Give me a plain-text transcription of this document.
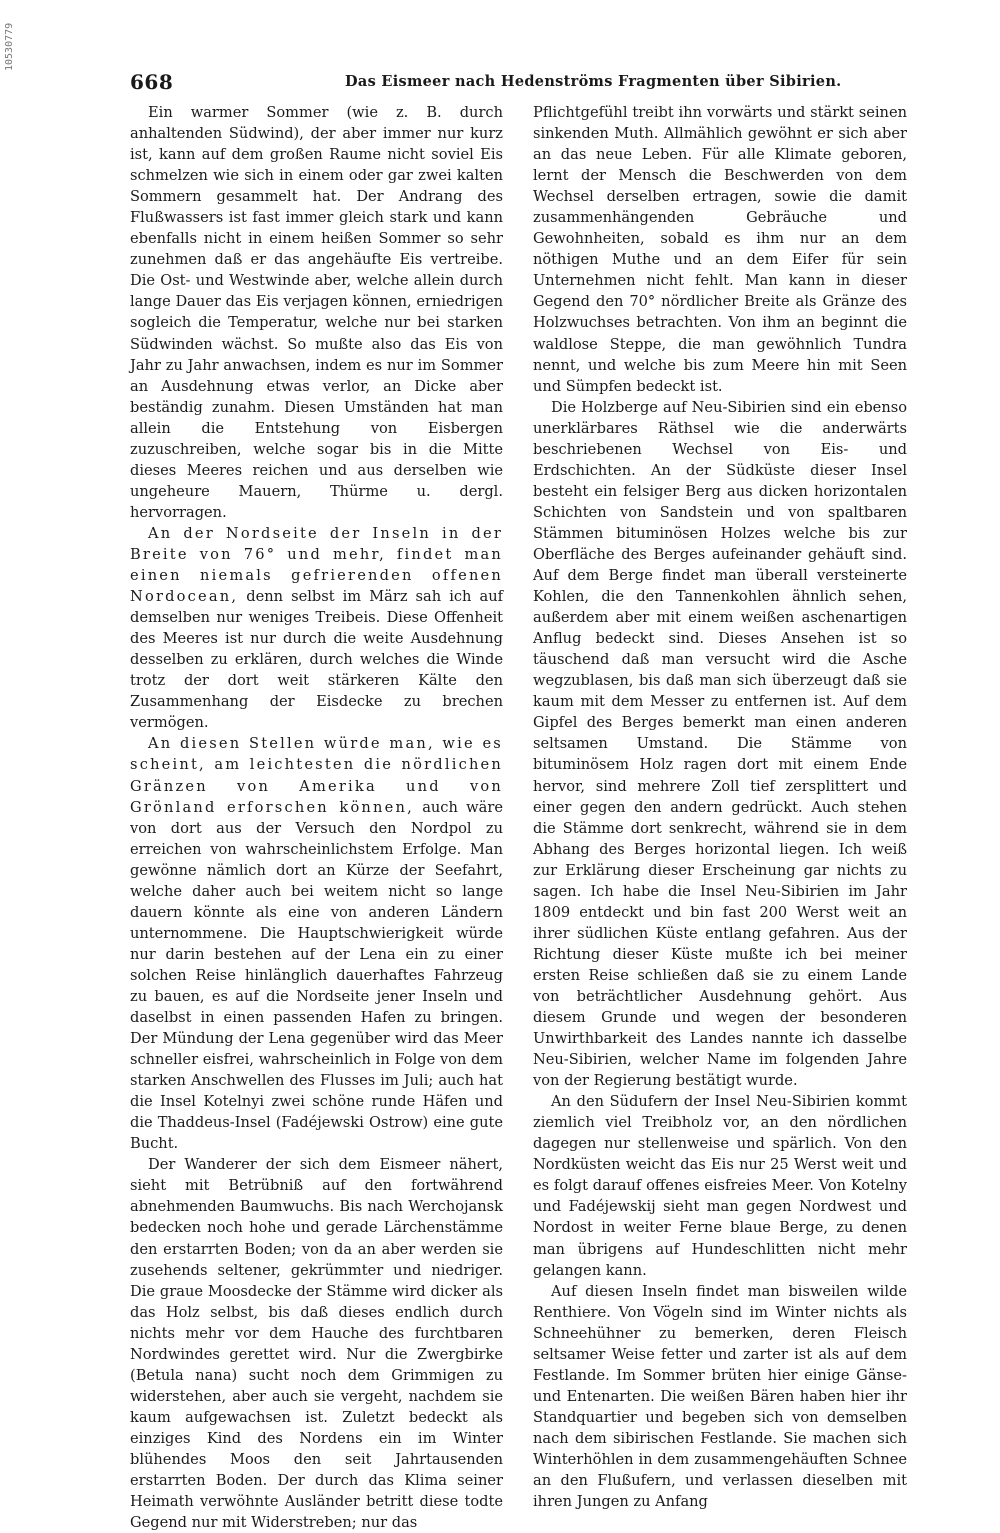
10530779
668	Das Eismeer nach Hedenströms Fragmenten über Sibirien.

Ein warmer Sommer (wie z. B. durch anhaltenden Südwind), der aber immer nur kurz ist, kann auf dem großen Raume nicht soviel Eis schmelzen wie sich in einem oder gar zwei kalten Sommern gesammelt hat. Der Andrang des Flußwassers ist fast immer gleich stark und kann ebenfalls nicht in einem heißen Sommer so sehr zunehmen daß er das angehäufte Eis vertreibe. Die Ost- und Westwinde aber, welche allein durch lange Dauer das Eis verjagen können, erniedrigen sogleich die Temperatur, welche nur bei starken Südwinden wächst. So mußte also das Eis von Jahr zu Jahr anwachsen, indem es nur im Sommer an Ausdehnung etwas verlor, an Dicke aber beständig zunahm. Diesen Umständen hat man allein die Entstehung von Eisbergen zuzuschreiben, welche sogar bis in die Mitte dieses Meeres reichen und aus derselben wie ungeheure Mauern, Thürme u. dergl. hervorragen.

An der Nordseite der Inseln in der Breite von 76° und mehr, findet man einen niemals gefrierenden offenen Nordocean, denn selbst im März sah ich auf demselben nur weniges Treibeis. Diese Offenheit des Meeres ist nur durch die weite Ausdehnung desselben zu erklären, durch welches die Winde trotz der dort weit stärkeren Kälte den Zusammenhang der Eisdecke zu brechen vermögen.

An diesen Stellen würde man, wie es scheint, am leichtesten die nördlichen Gränzen von Amerika und von Grönland erforschen können, auch wäre von dort aus der Versuch den Nordpol zu erreichen von wahrscheinlichstem Erfolge. Man gewönne nämlich dort an Kürze der Seefahrt, welche daher auch bei weitem nicht so lange dauern könnte als eine von anderen Ländern unternommene. Die Hauptschwierigkeit würde nur darin bestehen auf der Lena ein zu einer solchen Reise hinlänglich dauerhaftes Fahrzeug zu bauen, es auf die Nordseite jener Inseln und daselbst in einen passenden Hafen zu bringen. Der Mündung der Lena gegenüber wird das Meer schneller eisfrei, wahrscheinlich in Folge von dem starken Anschwellen des Flusses im Juli; auch hat die Insel Kotelnyi zwei schöne runde Häfen und die Thaddeus-Insel (Fadéjewski Ostrow) eine gute Bucht.

Der Wanderer der sich dem Eismeer nähert, sieht mit Betrübniß auf den fortwährend abnehmenden Baumwuchs. Bis nach Werchojansk bedecken noch hohe und gerade Lärchenstämme den erstarrten Boden; von da an aber werden sie zusehends seltener, gekrümmter und niedriger. Die graue Moosdecke der Stämme wird dicker als das Holz selbst, bis daß dieses endlich durch nichts mehr vor dem Hauche des furchtbaren Nordwindes gerettet wird. Nur die Zwergbirke (Betula nana) sucht noch dem Grimmigen zu widerstehen, aber auch sie vergeht, nachdem sie kaum aufgewachsen ist. Zuletzt bedeckt als einziges Kind des Nordens ein im Winter blühendes Moos den seit Jahrtausenden erstarrten Boden. Der durch das Klima seiner Heimath verwöhnte Ausländer betritt diese todte Gegend nur mit Widerstreben; nur das

Pflichtgefühl treibt ihn vorwärts und stärkt seinen sinkenden Muth. Allmählich gewöhnt er sich aber an das neue Leben. Für alle Klimate geboren, lernt der Mensch die Beschwerden von dem Wechsel derselben ertragen, sowie die damit zusammenhängenden Gebräuche und Gewohnheiten, sobald es ihm nur an dem nöthigen Muthe und an dem Eifer für sein Unternehmen nicht fehlt. Man kann in dieser Gegend den 70° nördlicher Breite als Gränze des Holzwuchses betrachten. Von ihm an beginnt die waldlose Steppe, die man gewöhnlich Tundra nennt, und welche bis zum Meere hin mit Seen und Sümpfen bedeckt ist.

Die Holzberge auf Neu-Sibirien sind ein ebenso unerklärbares Räthsel wie die anderwärts beschriebenen Wechsel von Eis- und Erdschichten. An der Südküste dieser Insel besteht ein felsiger Berg aus dicken horizontalen Schichten von Sandstein und von spaltbaren Stämmen bituminösen Holzes welche bis zur Oberfläche des Berges aufeinander gehäuft sind. Auf dem Berge findet man überall versteinerte Kohlen, die den Tannenkohlen ähnlich sehen, außerdem aber mit einem weißen aschenartigen Anflug bedeckt sind. Dieses Ansehen ist so täuschend daß man versucht wird die Asche wegzublasen, bis daß man sich überzeugt daß sie kaum mit dem Messer zu entfernen ist. Auf dem Gipfel des Berges bemerkt man einen anderen seltsamen Umstand. Die Stämme von bituminösem Holz ragen dort mit einem Ende hervor, sind mehrere Zoll tief zersplittert und einer gegen den andern gedrückt. Auch stehen die Stämme dort senkrecht, während sie in dem Abhang des Berges horizontal liegen. Ich weiß zur Erklärung dieser Erscheinung gar nichts zu sagen. Ich habe die Insel Neu-Sibirien im Jahr 1809 entdeckt und bin fast 200 Werst weit an ihrer südlichen Küste entlang gefahren. Aus der Richtung dieser Küste mußte ich bei meiner ersten Reise schließen daß sie zu einem Lande von beträchtlicher Ausdehnung gehört. Aus diesem Grunde und wegen der besonderen Unwirthbarkeit des Landes nannte ich dasselbe Neu-Sibirien, welcher Name im folgenden Jahre von der Regierung bestätigt wurde.

An den Südufern der Insel Neu-Sibirien kommt ziemlich viel Treibholz vor, an den nördlichen dagegen nur stellenweise und spärlich. Von den Nordküsten weicht das Eis nur 25 Werst weit und es folgt darauf offenes eisfreies Meer. Von Kotelny und Fadéjewskij sieht man gegen Nordwest und Nordost in weiter Ferne blaue Berge, zu denen man übrigens auf Hundeschlitten nicht mehr gelangen kann.

Auf diesen Inseln findet man bisweilen wilde Renthiere. Von Vögeln sind im Winter nichts als Schneehühner zu bemerken, deren Fleisch seltsamer Weise fetter und zarter ist als auf dem Festlande. Im Sommer brüten hier einige Gänse- und Entenarten. Die weißen Bären haben hier ihr Standquartier und begeben sich von demselben nach dem sibirischen Festlande. Sie machen sich Winterhöhlen in dem zusammengehäuften Schnee an den Flußufern, und verlassen dieselben mit ihren Jungen zu Anfang
